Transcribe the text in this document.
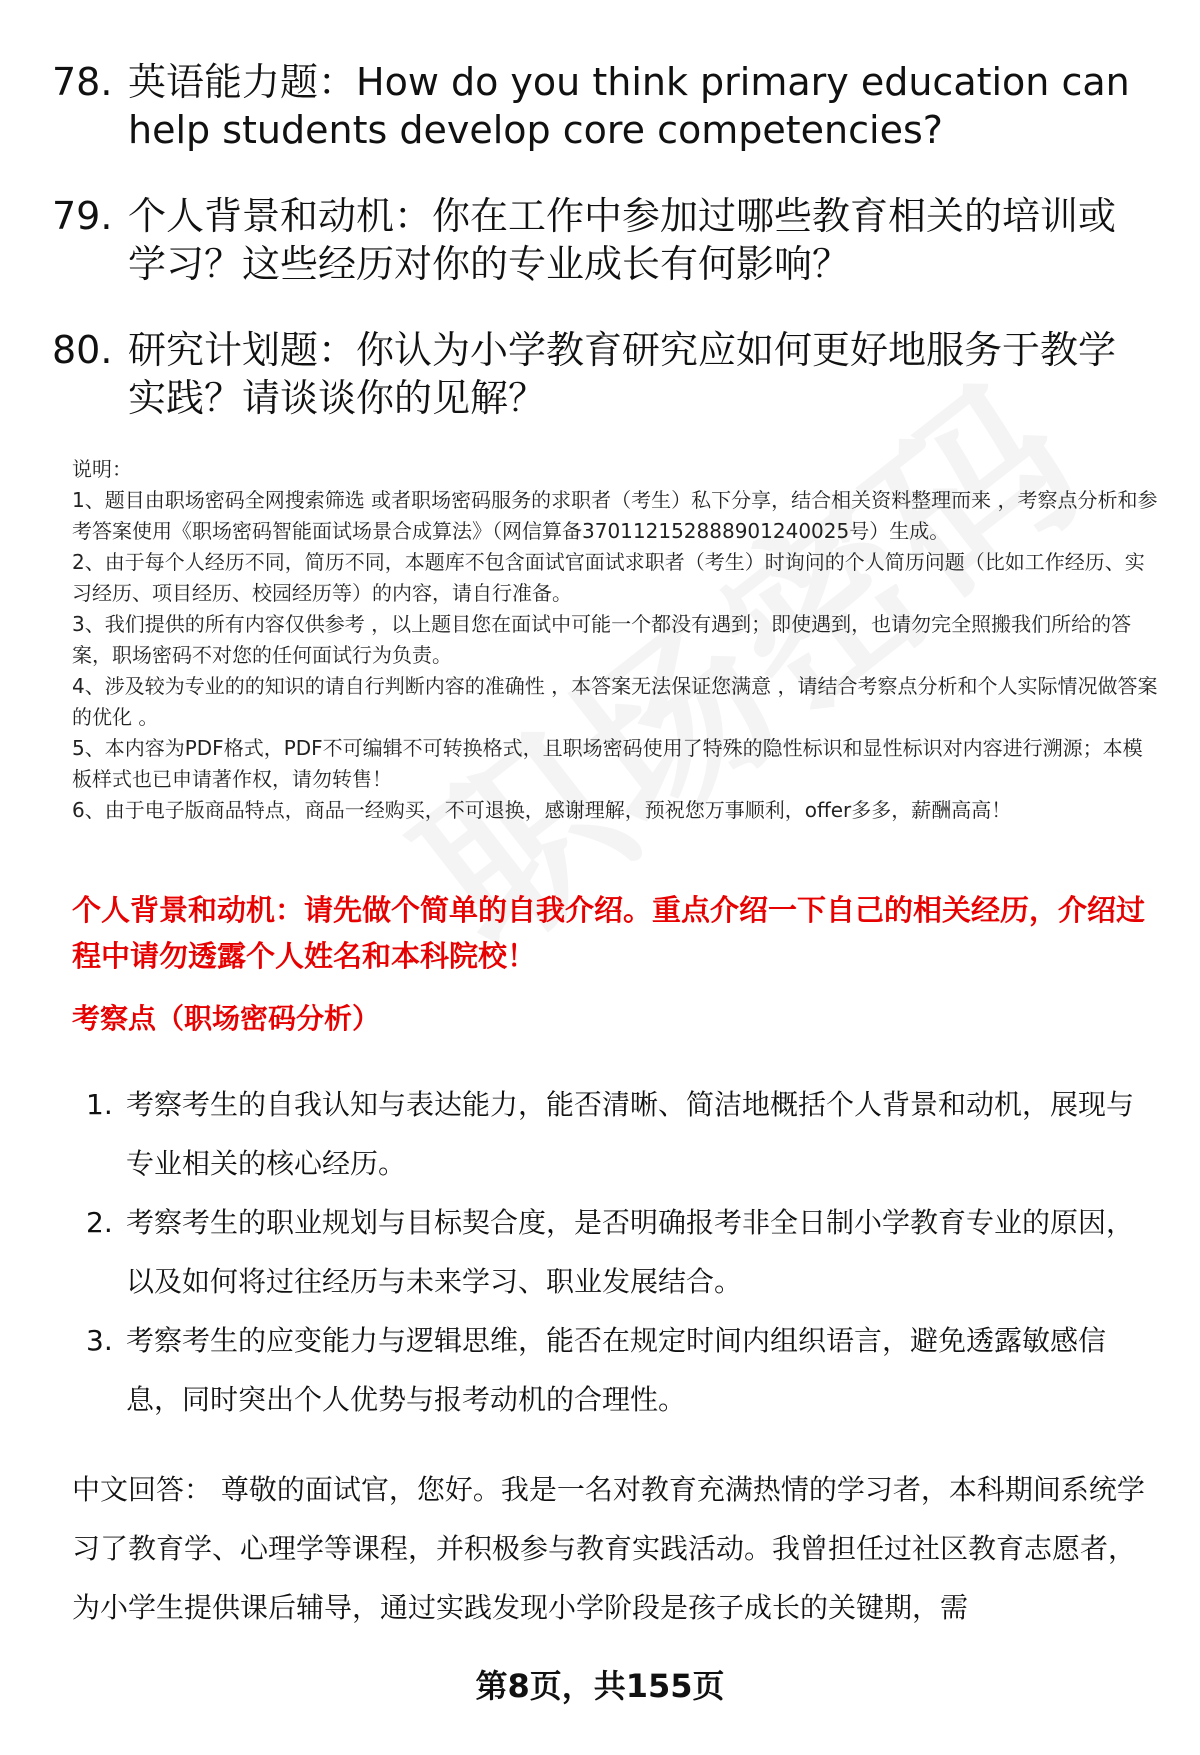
78. 英语能力题：How do you think primary education can help students develop core competencies?
79. 个人背景和动机：你在工作中参加过哪些教育相关的培训或学习？这些经历对你的专业成长有何影响？
80. 研究计划题：你认为小学教育研究应如何更好地服务于教学实践？请谈谈你的见解？

说明：

1、题目由职场密码全网搜索筛选 或者职场密码服务的求职者（考生）私下分享，结合相关资料整理而来 ，考察点分析和参考答案使用《职场密码智能面试场景合成算法》（网信算备370112152888901240025号）生成。

2、由于每个人经历不同，简历不同，本题库不包含面试官面试求职者（考生）时询问的个人简历问题（比如工作经历、实习经历、项目经历、校园经历等）的内容，请自行准备。

3、我们提供的所有内容仅供参考 ，以上题目您在面试中可能一个都没有遇到；即使遇到，也请勿完全照搬我们所给的答案，职场密码不对您的任何面试行为负责。

4、涉及较为专业的的知识的请自行判断内容的准确性 ，本答案无法保证您满意 ，请结合考察点分析和个人实际情况做答案的优化 。

5、本内容为PDF格式，PDF不可编辑不可转换格式，且职场密码使用了特殊的隐性标识和显性标识对内容进行溯源；本模板样式也已申请著作权，请勿转售！

6、由于电子版商品特点，商品一经购买，不可退换，感谢理解，预祝您万事顺利，offer多多，薪酬高高！

个人背景和动机：请先做个简单的自我介绍。重点介绍一下自己的相关经历，介绍过程中请勿透露个人姓名和本科院校！
考察点（职场密码分析）
1. 考察考生的自我认知与表达能力，能否清晰、简洁地概括个人背景和动机，展现与专业相关的核心经历。
2. 考察考生的职业规划与目标契合度，是否明确报考非全日制小学教育专业的原因，以及如何将过往经历与未来学习、职业发展结合。
3. 考察考生的应变能力与逻辑思维，能否在规定时间内组织语言，避免透露敏感信息，同时突出个人优势与报考动机的合理性。
中文回答： 尊敬的面试官，您好。我是一名对教育充满热情的学习者，本科期间系统学习了教育学、心理学等课程，并积极参与教育实践活动。我曾担任过社区教育志愿者，为小学生提供课后辅导，通过实践发现小学阶段是孩子成长的关键期，需
第8页，共155页
